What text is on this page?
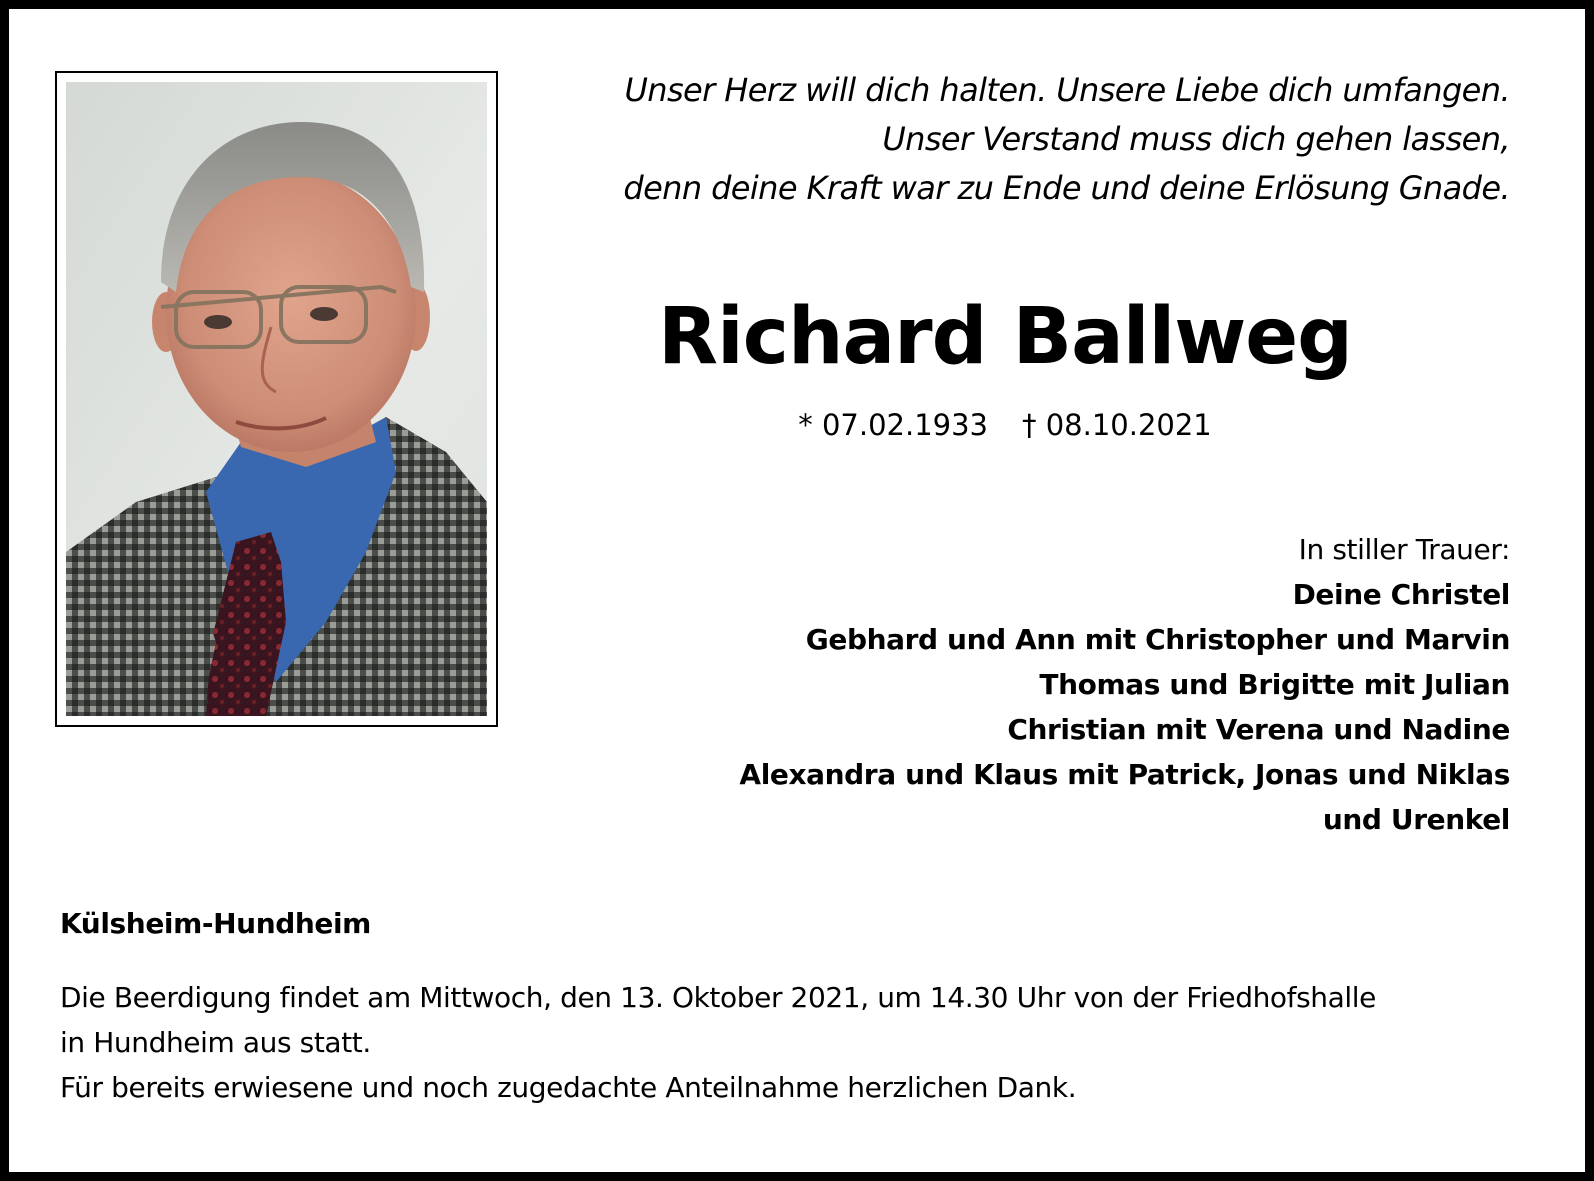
Unser Herz will dich halten. Unsere Liebe dich umfangen.
Unser Verstand muss dich gehen lassen,
denn deine Kraft war zu Ende und deine Erlösung Gnade.
Richard Ballweg
* 07.02.1933 † 08.10.2021
In stiller Trauer:
Deine Christel
Gebhard und Ann mit Christopher und Marvin
Thomas und Brigitte mit Julian
Christian mit Verena und Nadine
Alexandra und Klaus mit Patrick, Jonas und Niklas
und Urenkel
Külsheim-Hundheim
Die Beerdigung findet am Mittwoch, den 13. Oktober 2021, um 14.30 Uhr von der Friedhofshalle
in Hundheim aus statt.
Für bereits erwiesene und noch zugedachte Anteilnahme herzlichen Dank.
